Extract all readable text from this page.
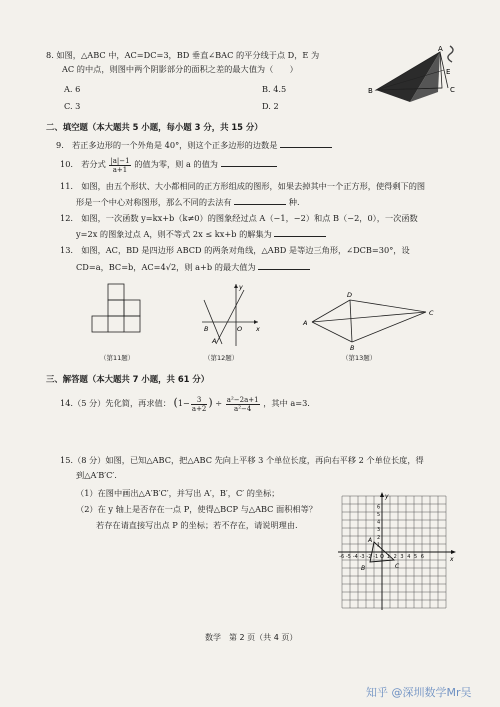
8. 如图，△ABC 中，AC=DC=3，BD 垂直∠BAC 的平分线于点 D，E 为
AC 的中点，则图中两个阴影部分的面积之差的最大值为（　　）
A. 6	B. 4.5
C. 3	D. 2
A
B	C
E
二、填空题（本大题共 5 小题，每小题 3 分，共 15 分）
9.　若正多边形的一个外角是 40°，则这个正多边形的边数是
10.　若分式 $\frac{|a|-1}{a+1}$ 的值为零，则 a 的值为
11.　如图，由五个形状、大小都相同的正方形组成的图形，如果去掉其中一个正方形，使得剩下的图
形是一个中心对称图形，那么不同的去法有	种.
12.　如图，一次函数 y=kx+b（k≠0）的图象经过点 A（−1，−2）和点 B（−2，0），一次函数
y=2x 的图象过点 A，则不等式 2x ≤ kx+b 的解集为
13.　如图，AC，BD 是四边形 ABCD 的两条对角线，△ABD 是等边三角形，∠DCB=30°，设
CD=a，BC=b，AC=4√2，则 a+b 的最大值为
（第11题）
y
x
B	O
A
（第12题）
D
A
C
B
（第13题）
三、解答题（本大题共 7 小题，共 61 分）
14.（5 分）先化简，再求值： ($1- \frac{3}{a+2}$ ) ÷ $\frac{\text{a²−2a+1}}{\text{a²−4}}$ ，其中 a=3.
15.（8 分）如图，已知△ABC，把△ABC 先向上平移 3 个单位长度，再向右平移 2 个单位长度，得
到△A′B′C′.
（1）在图中画出△A′B′C′，并写出 A′，B′，C′ 的坐标；
（2）在 y 轴上是否存在一点 P，使得△BCP 与△ABC 面积相等？
若存在请直接写出点 P 的坐标；若不存在，请说明理由.
-6 -5 -4 -3 -2 -1 O 1 2 3 4 5 6
6
5
4
3
2
1
y
x
A
B	C
数学　第 2 页（共 4 页）
知乎 @深圳数学Mr吴
